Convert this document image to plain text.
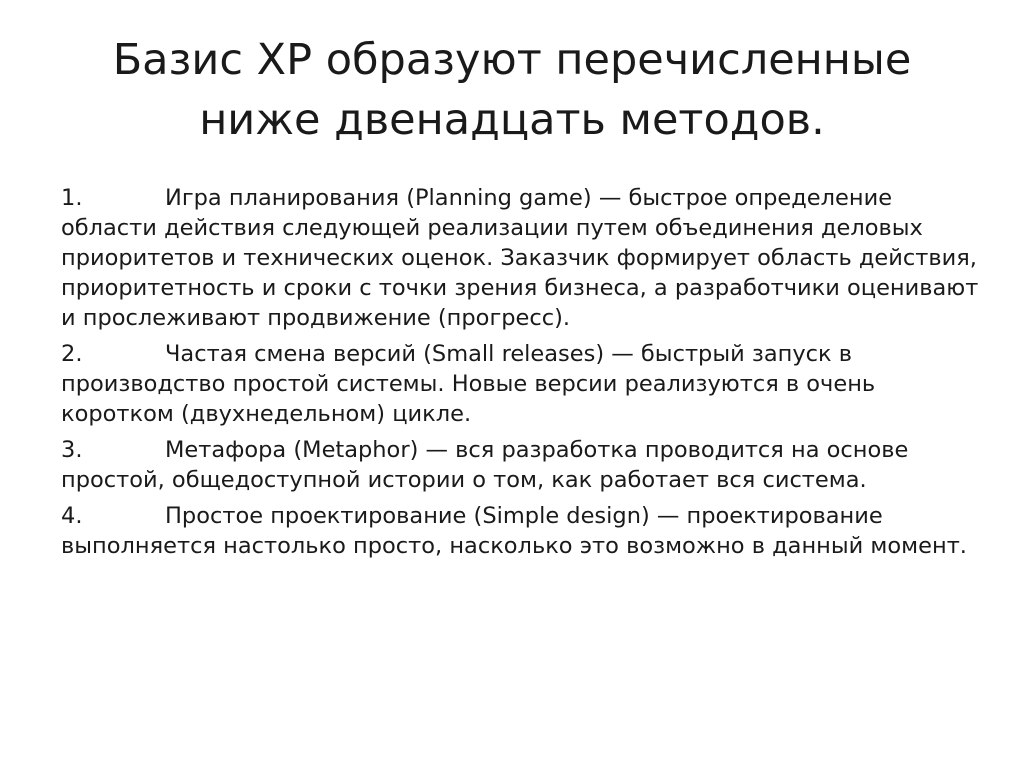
Базис XP образуют перечисленные ниже двенадцать методов.

1.	Игра планирования (Planning game) — быстрое определение области действия следующей реализации путем объединения деловых приоритетов и технических оценок. Заказчик формирует область действия, приоритетность и сроки с точки зрения бизнеса, а разработчики оценивают и прослеживают продвижение (прогресс).

2.	Частая смена версий (Small releases) — быстрый запуск в производство простой системы. Новые версии реализуются в очень коротком (двухнедельном) цикле.

3.	Метафора (Metaphor) — вся разработка проводится на основе простой, общедоступной истории о том, как работает вся система.

4.	Простое проектирование (Simple design) — проектирование выполняется настолько просто, насколько это возможно в данный момент.
